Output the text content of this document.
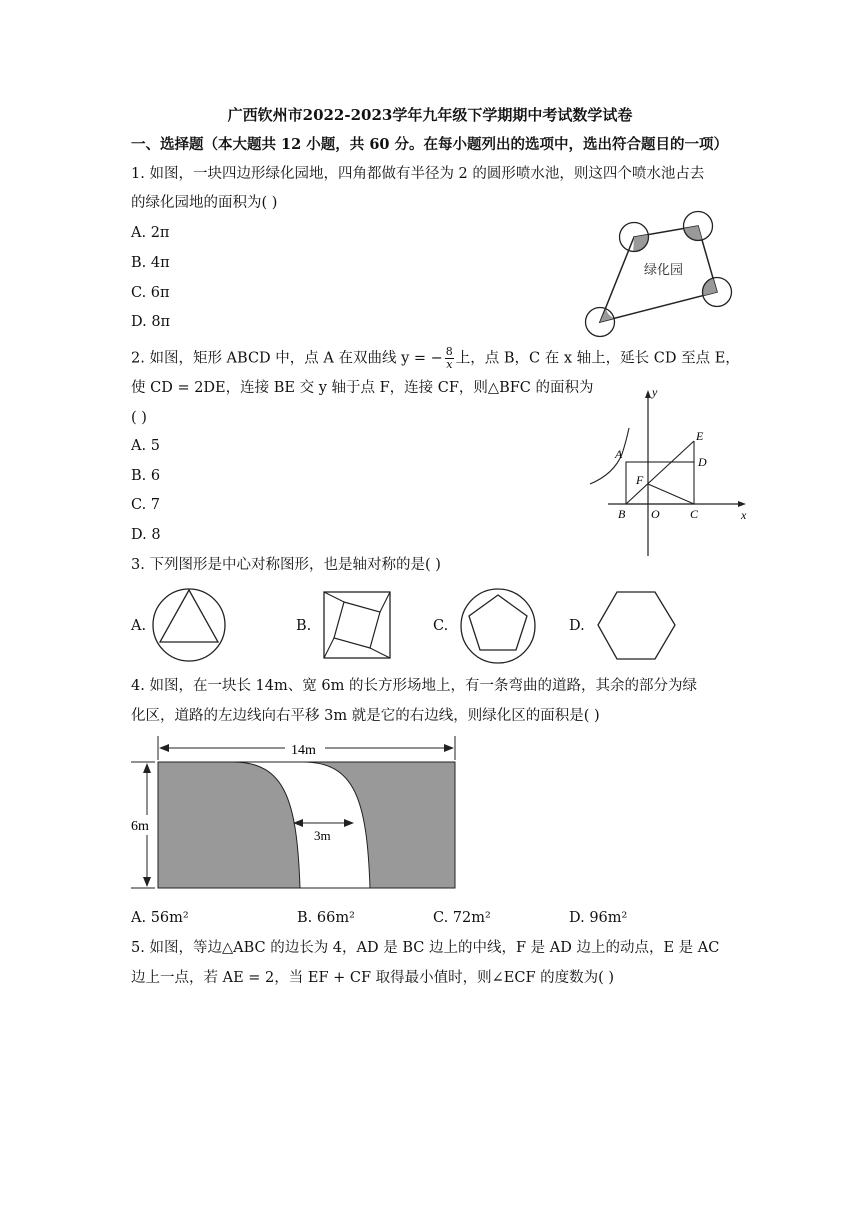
广西钦州市2022-2023学年九年级下学期期中考试数学试卷
一、选择题（本大题共 12 小题，共 60 分。在每小题列出的选项中，选出符合题目的一项）
1. 如图，一块四边形绿化园地，四角都做有半径为 2 的圆形喷水池，则这四个喷水池占去
的绿化园地的面积为( )
A. 2π
B. 4π
C. 6π
D. 8π
绿化园
2. 如图，矩形 ABCD 中，点 A 在双曲线 y = − $\frac{8}{x}$ 上，点 B，C 在 x 轴上，延长 CD 至点 E，
使 CD = 2DE，连接 BE 交 y 轴于点 F，连接 CF，则△BFC 的面积为
( )
A. 5
B. 6
C. 7
D. 8
y
x
A
B	C
D
E
F
O
3. 下列图形是中心对称图形，也是轴对称的是( )
A.	B.	C.	D.
4. 如图，在一块长 14m、宽 6m 的长方形场地上，有一条弯曲的道路，其余的部分为绿
化区，道路的左边线向右平移 3m 就是它的右边线，则绿化区的面积是( )
14m
6m
3m
A. 56m²	B. 66m²	C. 72m²	D. 96m²
5. 如图，等边△ABC 的边长为 4，AD 是 BC 边上的中线，F 是 AD 边上的动点，E 是 AC
边上一点，若 AE = 2，当 EF + CF 取得最小值时，则∠ECF 的度数为( )
